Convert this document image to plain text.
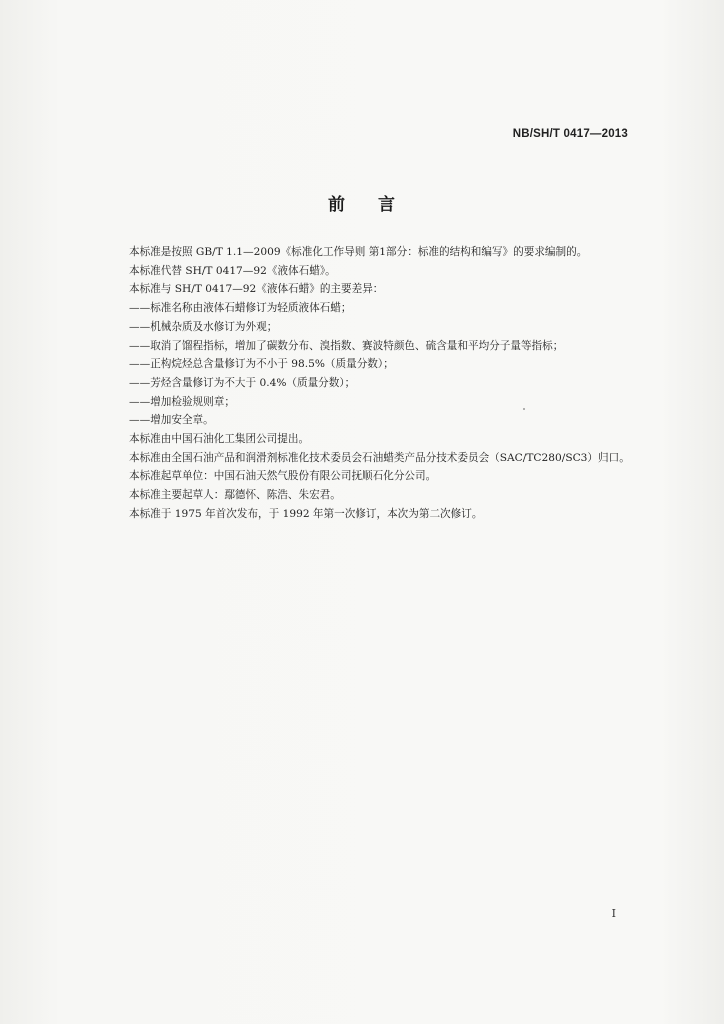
NB/SH/T 0417—2013
前 言

本标准是按照 GB/T 1.1—2009《标准化工作导则 第1部分：标准的结构和编写》的要求编制的。

本标准代替 SH/T 0417—92《液体石蜡》。

本标准与 SH/T 0417—92《液体石蜡》的主要差异：

——标准名称由液体石蜡修订为轻质液体石蜡；

——机械杂质及水修订为外观；

——取消了馏程指标，增加了碳数分布、溴指数、赛波特颜色、硫含量和平均分子量等指标；

——正构烷烃总含量修订为不小于 98.5%（质量分数）；

——芳烃含量修订为不大于 0.4%（质量分数）；

——增加检验规则章；

——增加安全章。

本标准由中国石油化工集团公司提出。

本标准由全国石油产品和润滑剂标准化技术委员会石油蜡类产品分技术委员会（SAC/TC280/SC3）归口。

本标准起草单位：中国石油天然气股份有限公司抚顺石化分公司。

本标准主要起草人：鄢德怀、陈浩、朱宏君。

本标准于 1975 年首次发布，于 1992 年第一次修订，本次为第二次修订。

I
